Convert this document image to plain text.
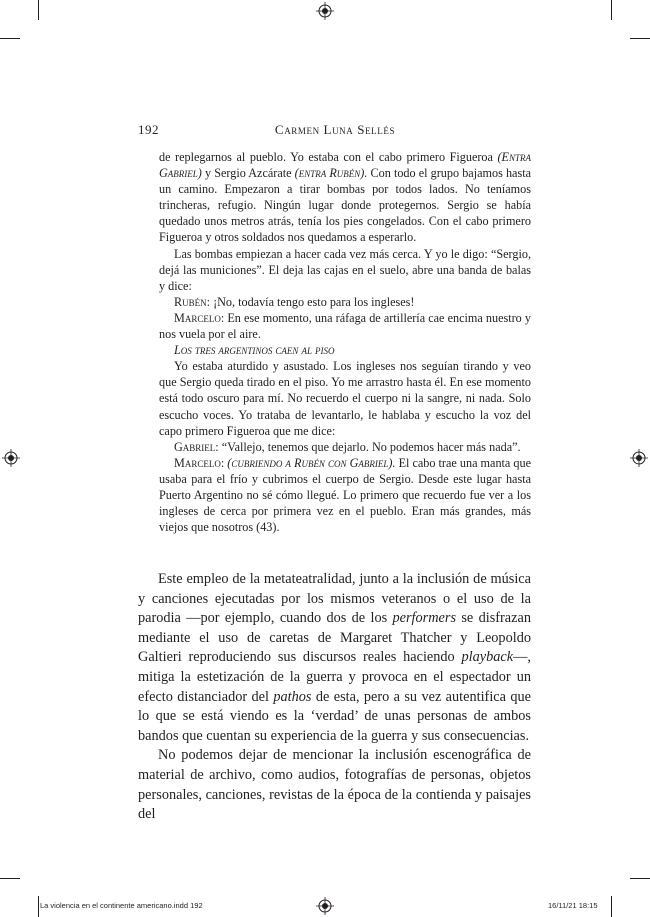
192	Carmen Luna Sellés

de replegarnos al pueblo. Yo estaba con el cabo primero Figueroa (Entra Gabriel) y Sergio Azcárate (entra Rubén). Con todo el grupo bajamos hasta un camino. Empezaron a tirar bombas por todos lados. No teníamos trincheras, refugio. Ningún lugar donde protegernos. Sergio se había quedado unos metros atrás, tenía los pies congelados. Con el cabo primero Figueroa y otros soldados nos quedamos a esperarlo.

Las bombas empiezan a hacer cada vez más cerca. Y yo le digo: “Sergio, dejá las municiones”. El deja las cajas en el suelo, abre una banda de balas y dice:

Rubén: ¡No, todavía tengo esto para los ingleses!

Marcelo: En ese momento, una ráfaga de artillería cae encima nuestro y nos vuela por el aire.

Los tres argentinos caen al piso

Yo estaba aturdido y asustado. Los ingleses nos seguían tirando y veo que Sergio queda tirado en el piso. Yo me arrastro hasta él. En ese momento está todo oscuro para mí. No recuerdo el cuerpo ni la sangre, ni nada. Solo escucho voces. Yo trataba de levantarlo, le hablaba y escucho la voz del capo primero Figueroa que me dice:

Gabriel: “Vallejo, tenemos que dejarlo. No podemos hacer más nada”.

Marcelo: (cubriendo a Rubén con Gabriel). El cabo trae una manta que usaba para el frío y cubrimos el cuerpo de Sergio. Desde este lugar hasta Puerto Argentino no sé cómo llegué. Lo primero que recuerdo fue ver a los ingleses de cerca por primera vez en el pueblo. Eran más grandes, más viejos que nosotros (43).

Este empleo de la metateatralidad, junto a la inclusión de música y canciones ejecutadas por los mismos veteranos o el uso de la parodia —por ejemplo, cuando dos de los performers se disfrazan mediante el uso de caretas de Margaret Thatcher y Leopoldo Galtieri reproduciendo sus discursos reales haciendo playback—, mitiga la estetización de la guerra y provoca en el espectador un efecto distanciador del pathos de esta, pero a su vez autentifica que lo que se está viendo es la ‘verdad’ de unas personas de ambos bandos que cuentan su experiencia de la guerra y sus consecuencias.

No podemos dejar de mencionar la inclusión escenográfica de material de archivo, como audios, fotografías de personas, objetos personales, canciones, revistas de la época de la contienda y paisajes del

La violencia en el continente americano.indd 192	16/11/21 18:15
